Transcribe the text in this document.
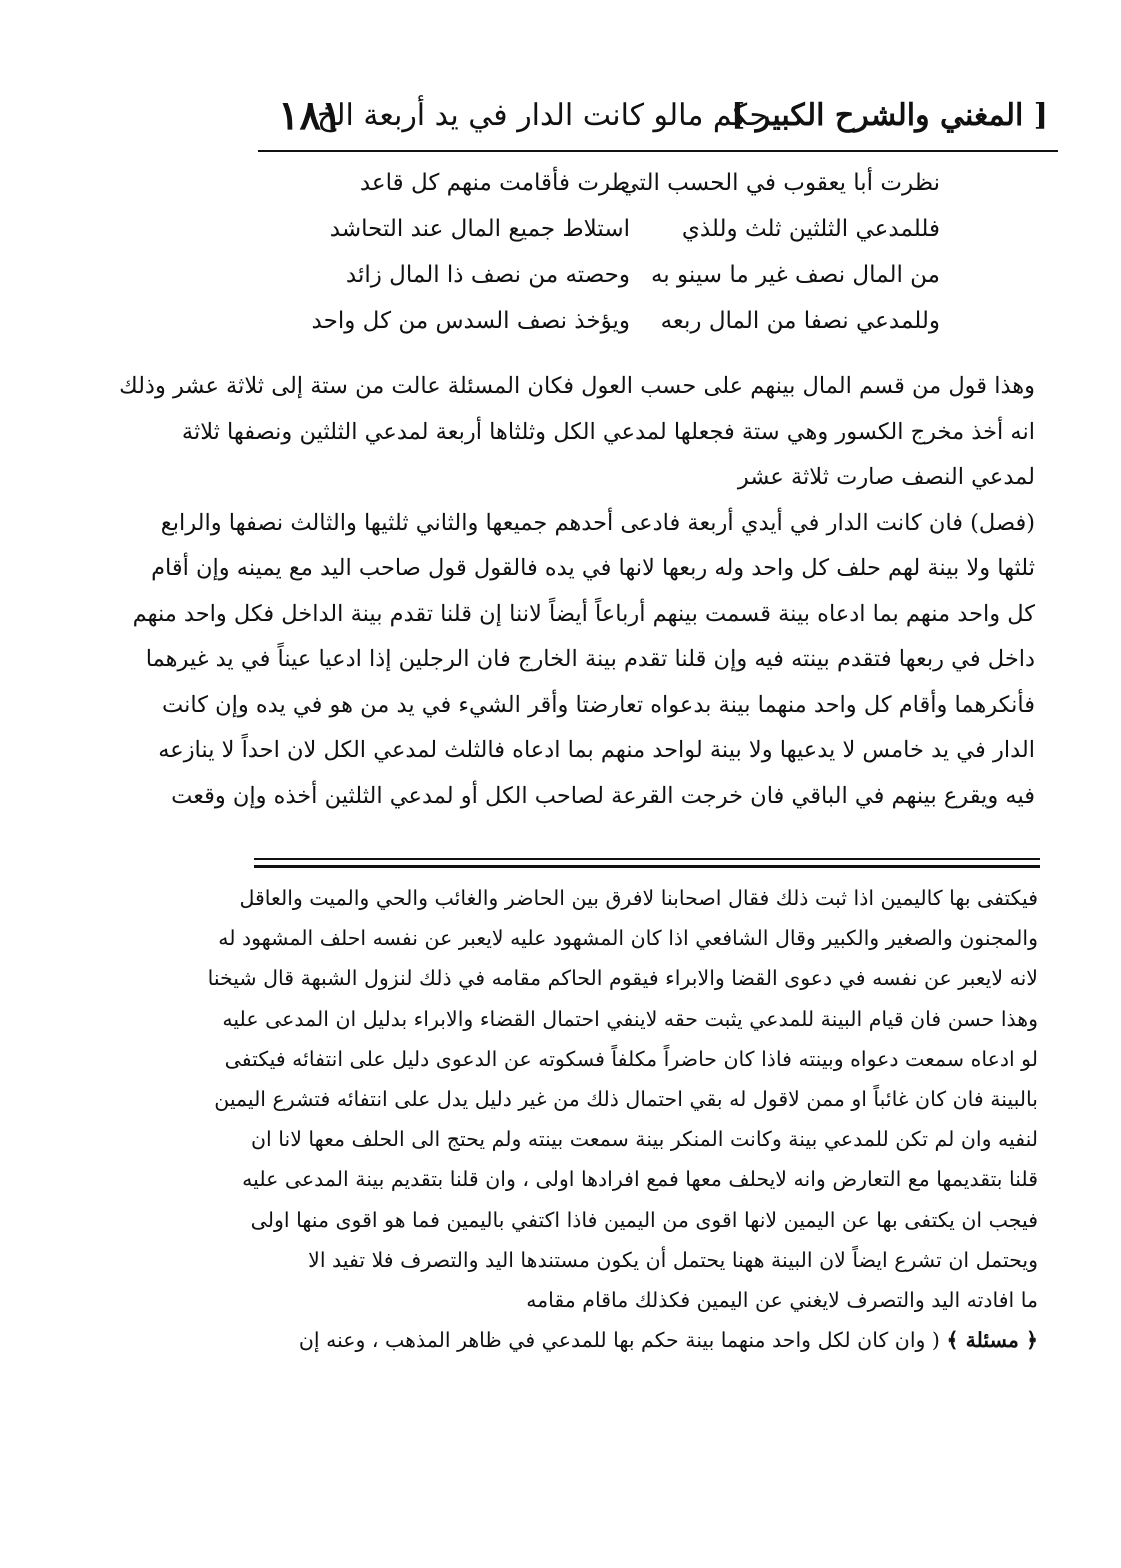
[ المغني والشرح الكبير ]
حكم مالو كانت الدار في يد أربعة الخ
١٨١
نظرت أبا يعقوب في الحسب التي
طرت فأقامت منهم كل قاعد
فللمدعي الثلثين ثلث وللذي
استلاط جميع المال عند التحاشد
من المال نصف غير ما سينو به
وحصته من نصف ذا المال زائد
وللمدعي نصفا من المال ربعه
ويؤخذ نصف السدس من كل واحد
وهذا قول من قسم المال بينهم على حسب العول فكان المسئلة عالت من ستة إلى ثلاثة عشر وذلك
انه أخذ مخرج الكسور وهي ستة فجعلها لمدعي الكل وثلثاها أربعة لمدعي الثلثين ونصفها ثلاثة
لمدعي النصف صارت ثلاثة عشر
(فصل) فان كانت الدار في أيدي أربعة فادعى أحدهم جميعها والثاني ثلثيها والثالث نصفها والرابع
ثلثها ولا بينة لهم حلف كل واحد وله ربعها لانها في يده فالقول قول صاحب اليد مع يمينه وإن أقام
كل واحد منهم بما ادعاه بينة قسمت بينهم أرباعاً أيضاً لاننا إن قلنا تقدم بينة الداخل فكل واحد منهم
داخل في ربعها فتقدم بينته فيه وإن قلنا تقدم بينة الخارج فان الرجلين إذا ادعيا عيناً في يد غيرهما
فأنكرهما وأقام كل واحد منهما بينة بدعواه تعارضتا وأقر الشيء في يد من هو في يده وإن كانت
الدار في يد خامس لا يدعيها ولا بينة لواحد منهم بما ادعاه فالثلث لمدعي الكل لان احداً لا ينازعه
فيه ويقرع بينهم في الباقي فان خرجت القرعة لصاحب الكل أو لمدعي الثلثين أخذه وإن وقعت
فيكتفى بها كاليمين اذا ثبت ذلك فقال اصحابنا لافرق بين الحاضر والغائب والحي والميت والعاقل
والمجنون والصغير والكبير وقال الشافعي اذا كان المشهود عليه لايعبر عن نفسه احلف المشهود له
لانه لايعبر عن نفسه في دعوى القضا والابراء فيقوم الحاكم مقامه في ذلك لنزول الشبهة قال شيخنا
وهذا حسن فان قيام البينة للمدعي يثبت حقه لاينفي احتمال القضاء والابراء بدليل ان المدعى عليه
لو ادعاه سمعت دعواه وبينته فاذا كان حاضراً مكلفاً فسكوته عن الدعوى دليل على انتفائه فيكتفى
بالبينة فان كان غائباً او ممن لاقول له بقي احتمال ذلك من غير دليل يدل على انتفائه فتشرع اليمين
لنفيه وان لم تكن للمدعي بينة وكانت المنكر بينة سمعت بينته ولم يحتج الى الحلف معها لانا ان
قلنا بتقديمها مع التعارض وانه لايحلف معها فمع افرادها اولى ، وان قلنا بتقديم بينة المدعى عليه
فيجب ان يكتفى بها عن اليمين لانها اقوى من اليمين فاذا اكتفي باليمين فما هو اقوى منها اولى
ويحتمل ان تشرع ايضاً لان البينة ههنا يحتمل أن يكون مستندها اليد والتصرف فلا تفيد الا
ما افادته اليد والتصرف لايغني عن اليمين فكذلك ماقام مقامه
﴿ مسئلة ﴾ ( وان كان لكل واحد منهما بينة حكم بها للمدعي في ظاهر المذهب ، وعنه إن
